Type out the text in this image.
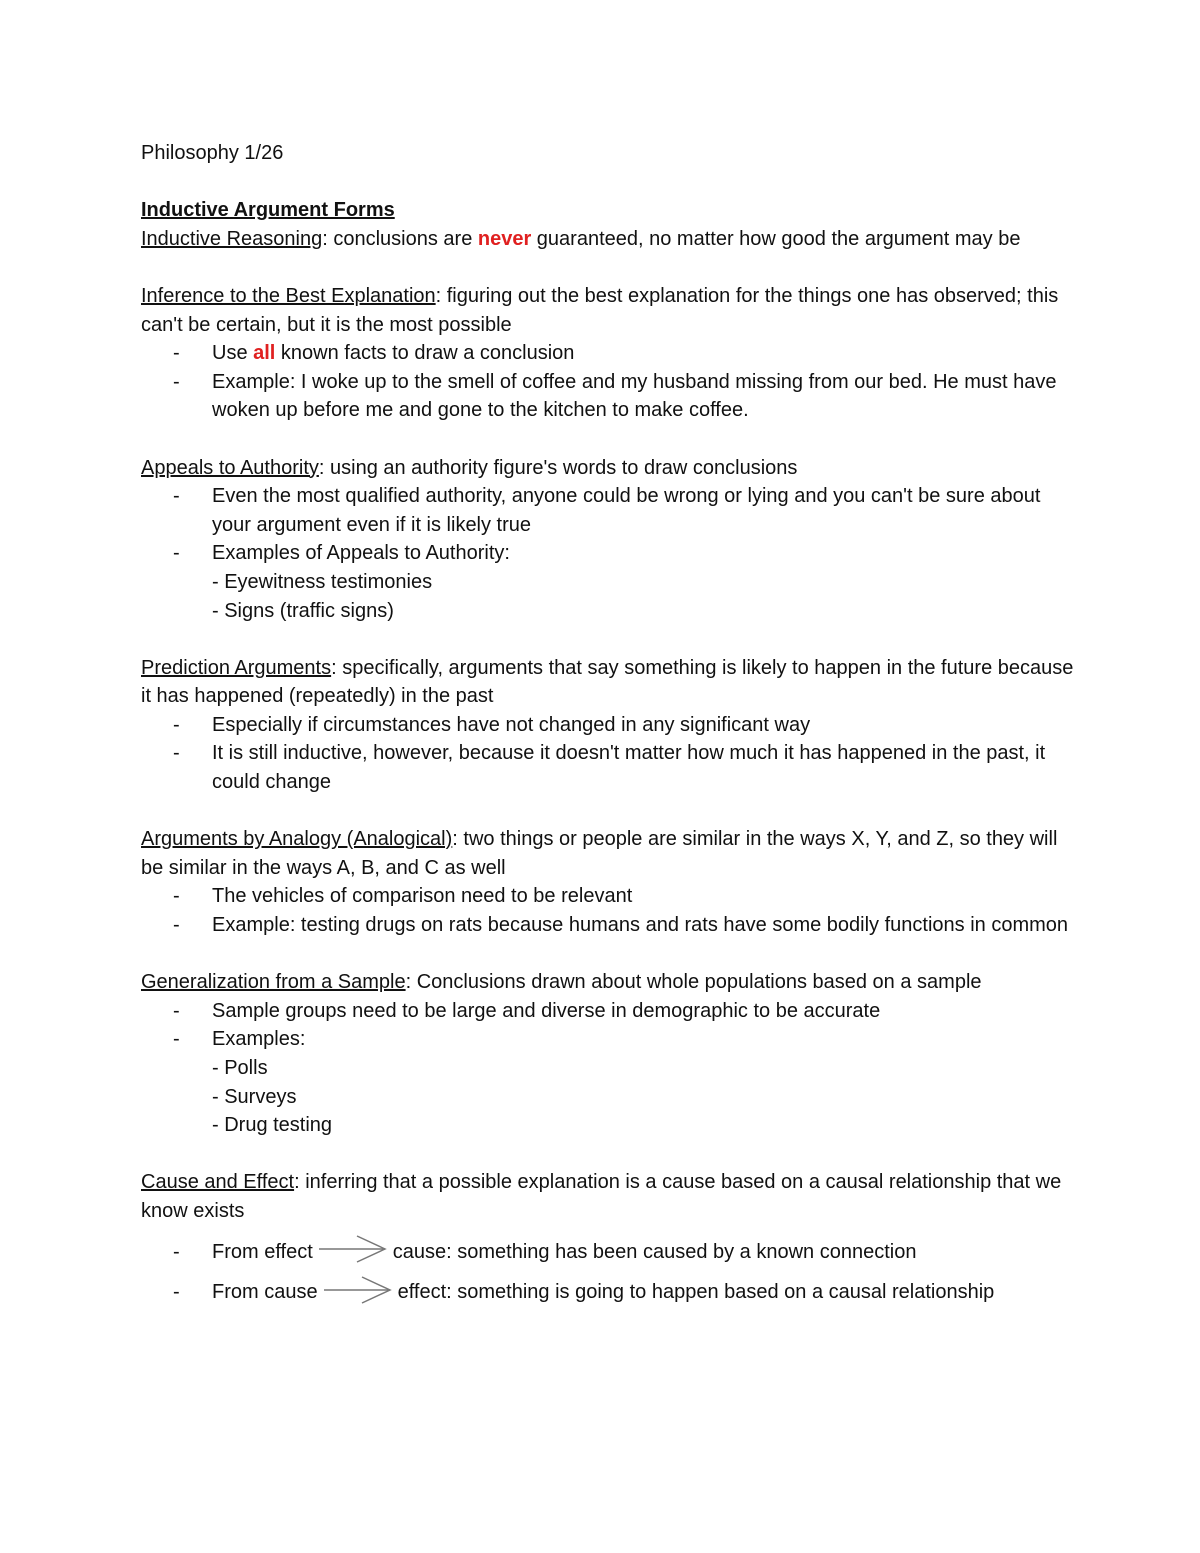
Philosophy 1/26

Inductive Argument Forms

Inductive Reasoning: conclusions are never guaranteed, no matter how good the argument may be

Inference to the Best Explanation: figuring out the best explanation for the things one has observed; this can't be certain, but it is the most possible

- Use all known facts to draw a conclusion
- Example: I woke up to the smell of coffee and my husband missing from our bed. He must have woken up before me and gone to the kitchen to make coffee.

Appeals to Authority: using an authority figure's words to draw conclusions

- Even the most qualified authority, anyone could be wrong or lying and you can't be sure about your argument even if it is likely true
- Examples of Appeals to Authority:
- Eyewitness testimonies
- Signs (traffic signs)

Prediction Arguments: specifically, arguments that say something is likely to happen in the future because it has happened (repeatedly) in the past

- Especially if circumstances have not changed in any significant way
- It is still inductive, however, because it doesn't matter how much it has happened in the past, it could change

Arguments by Analogy (Analogical): two things or people are similar in the ways X, Y, and Z, so they will be similar in the ways A, B, and C as well

- The vehicles of comparison need to be relevant
- Example: testing drugs on rats because humans and rats have some bodily functions in common

Generalization from a Sample: Conclusions drawn about whole populations based on a sample

- Sample groups need to be large and diverse in demographic to be accurate
- Examples:
- Polls
- Surveys
- Drug testing

Cause and Effect: inferring that a possible explanation is a cause based on a causal relationship that we know exists

- From effect	cause: something has been caused by a known connection
- From cause	effect: something is going to happen based on a causal relationship
